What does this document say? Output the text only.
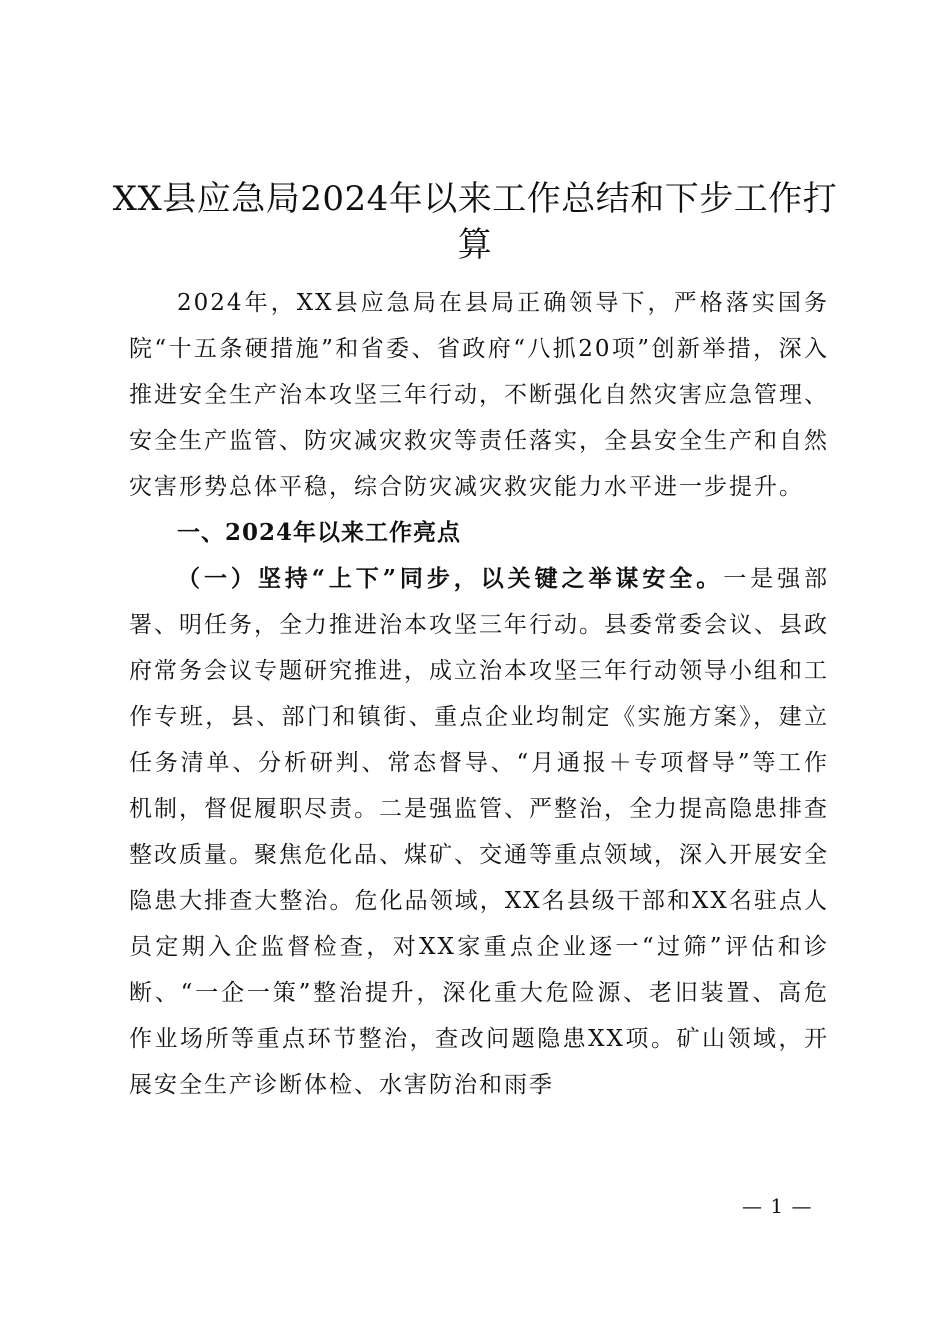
XX县应急局2024年以来工作总结和下步工作打算

2024年，XX县应急局在县局正确领导下，严格落实国务院“十五条硬措施”和省委、省政府“八抓20项”创新举措，深入推进安全生产治本攻坚三年行动，不断强化自然灾害应急管理、安全生产监管、防灾减灾救灾等责任落实，全县安全生产和自然灾害形势总体平稳，综合防灾减灾救灾能力水平进一步提升。

一、2024年以来工作亮点

（一）坚持“上下”同步，以关键之举谋安全。一是强部署、明任务，全力推进治本攻坚三年行动。县委常委会议、县政府常务会议专题研究推进，成立治本攻坚三年行动领导小组和工作专班，县、部门和镇街、重点企业均制定《实施方案》，建立任务清单、分析研判、常态督导、“月通报＋专项督导”等工作机制，督促履职尽责。二是强监管、严整治，全力提高隐患排查整改质量。聚焦危化品、煤矿、交通等重点领域，深入开展安全隐患大排查大整治。危化品领域，XX名县级干部和XX名驻点人员定期入企监督检查，对XX家重点企业逐一“过筛”评估和诊断、“一企一策”整治提升，深化重大危险源、老旧装置、高危作业场所等重点环节整治，查改问题隐患XX项。矿山领域，开展安全生产诊断体检、水害防治和雨季

— 1 —
